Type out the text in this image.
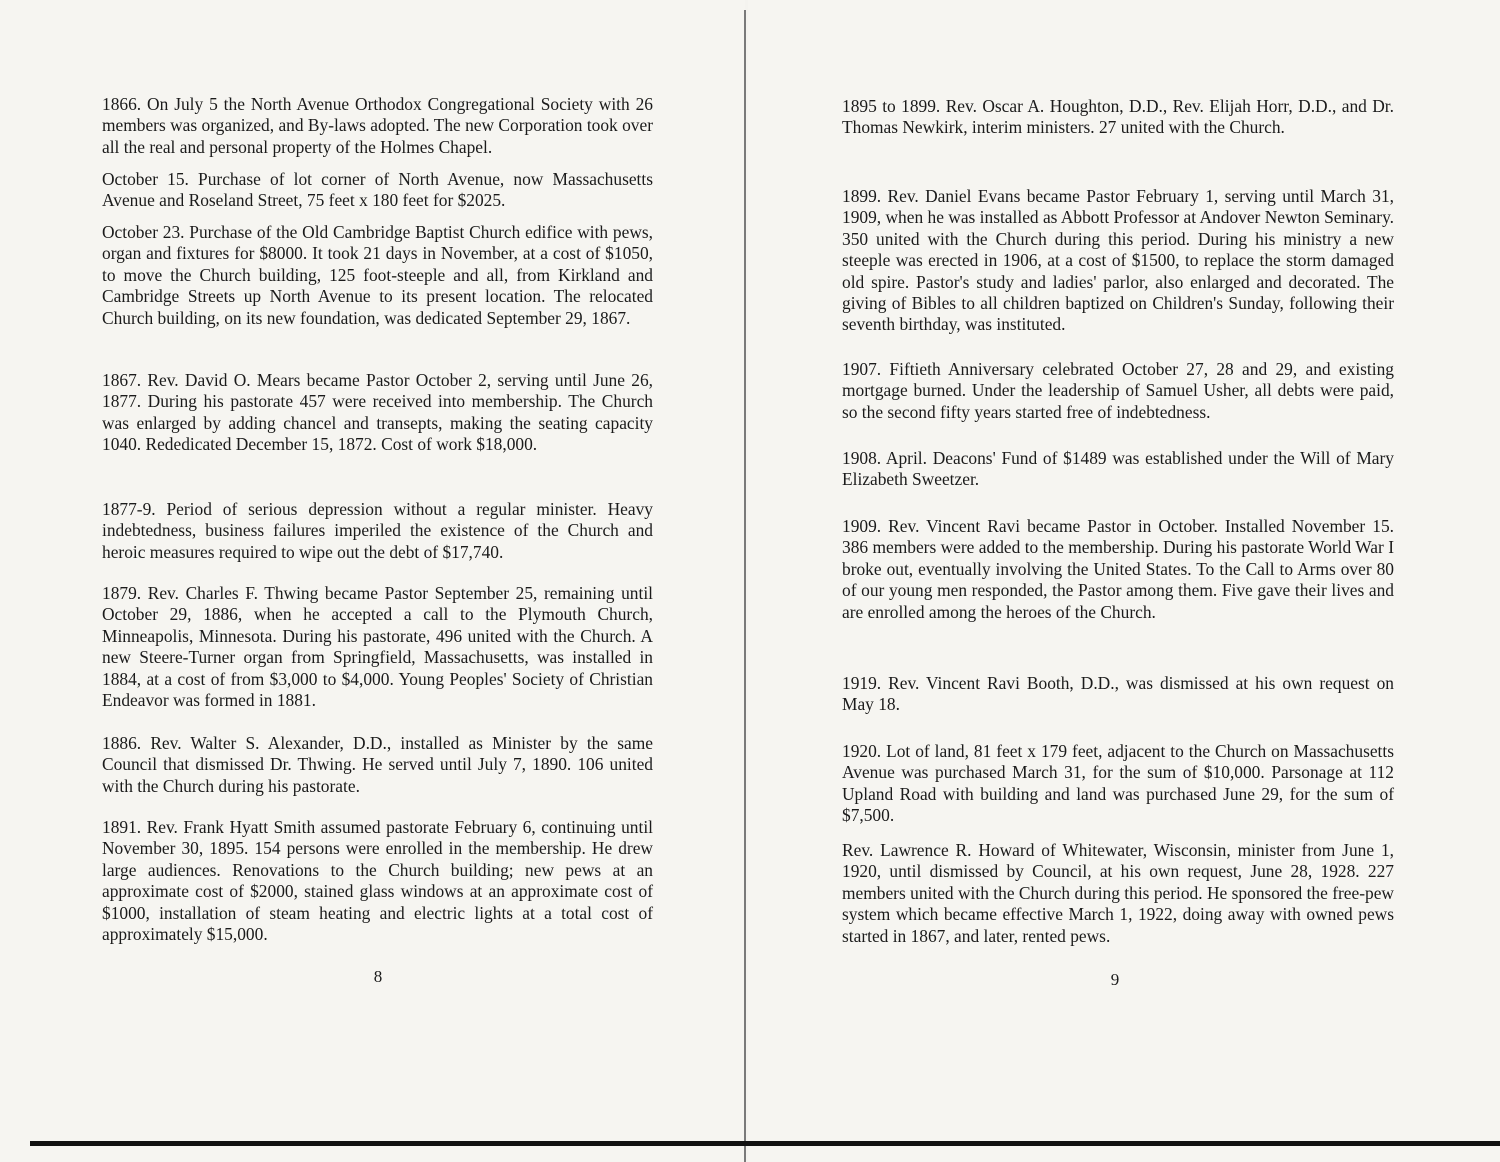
1866. On July 5 the North Avenue Orthodox Congregational Society with 26 members was organized, and By-laws adopted. The new Corporation took over all the real and personal property of the Holmes Chapel.

October 15. Purchase of lot corner of North Avenue, now Massachusetts Avenue and Roseland Street, 75 feet x 180 feet for $2025.

October 23. Purchase of the Old Cambridge Baptist Church edifice with pews, organ and fixtures for $8000. It took 21 days in November, at a cost of $1050, to move the Church building, 125 foot-steeple and all, from Kirkland and Cambridge Streets up North Avenue to its present location. The relocated Church building, on its new foundation, was dedicated September 29, 1867.

1867. Rev. David O. Mears became Pastor October 2, serving until June 26, 1877. During his pastorate 457 were received into membership. The Church was enlarged by adding chancel and transepts, making the seating capacity 1040. Rededicated December 15, 1872. Cost of work $18,000.

1877-9. Period of serious depression without a regular minister. Heavy indebtedness, business failures imperiled the existence of the Church and heroic measures required to wipe out the debt of $17,740.

1879. Rev. Charles F. Thwing became Pastor September 25, remaining until October 29, 1886, when he accepted a call to the Plymouth Church, Minneapolis, Minnesota. During his pastorate, 496 united with the Church. A new Steere-Turner organ from Springfield, Massachusetts, was installed in 1884, at a cost of from $3,000 to $4,000. Young Peoples' Society of Christian Endeavor was formed in 1881.

1886. Rev. Walter S. Alexander, D.D., installed as Minister by the same Council that dismissed Dr. Thwing. He served until July 7, 1890. 106 united with the Church during his pastorate.

1891. Rev. Frank Hyatt Smith assumed pastorate February 6, continuing until November 30, 1895. 154 persons were enrolled in the membership. He drew large audiences. Renovations to the Church building; new pews at an approximate cost of $2000, stained glass windows at an approximate cost of $1000, installation of steam heating and electric lights at a total cost of approximately $15,000.

8

1895 to 1899. Rev. Oscar A. Houghton, D.D., Rev. Elijah Horr, D.D., and Dr. Thomas Newkirk, interim ministers. 27 united with the Church.

1899. Rev. Daniel Evans became Pastor February 1, serving until March 31, 1909, when he was installed as Abbott Professor at Andover Newton Seminary. 350 united with the Church during this period. During his ministry a new steeple was erected in 1906, at a cost of $1500, to replace the storm damaged old spire. Pastor's study and ladies' parlor, also enlarged and decorated. The giving of Bibles to all children baptized on Children's Sunday, following their seventh birthday, was instituted.

1907. Fiftieth Anniversary celebrated October 27, 28 and 29, and existing mortgage burned. Under the leadership of Samuel Usher, all debts were paid, so the second fifty years started free of indebtedness.

1908. April. Deacons' Fund of $1489 was established under the Will of Mary Elizabeth Sweetzer.

1909. Rev. Vincent Ravi became Pastor in October. Installed November 15. 386 members were added to the membership. During his pastorate World War I broke out, eventually involving the United States. To the Call to Arms over 80 of our young men responded, the Pastor among them. Five gave their lives and are enrolled among the heroes of the Church.

1919. Rev. Vincent Ravi Booth, D.D., was dismissed at his own request on May 18.

1920. Lot of land, 81 feet x 179 feet, adjacent to the Church on Massachusetts Avenue was purchased March 31, for the sum of $10,000. Parsonage at 112 Upland Road with building and land was purchased June 29, for the sum of $7,500.

Rev. Lawrence R. Howard of Whitewater, Wisconsin, minister from June 1, 1920, until dismissed by Council, at his own request, June 28, 1928. 227 members united with the Church during this period. He sponsored the free-pew system which became effective March 1, 1922, doing away with owned pews started in 1867, and later, rented pews.

9
